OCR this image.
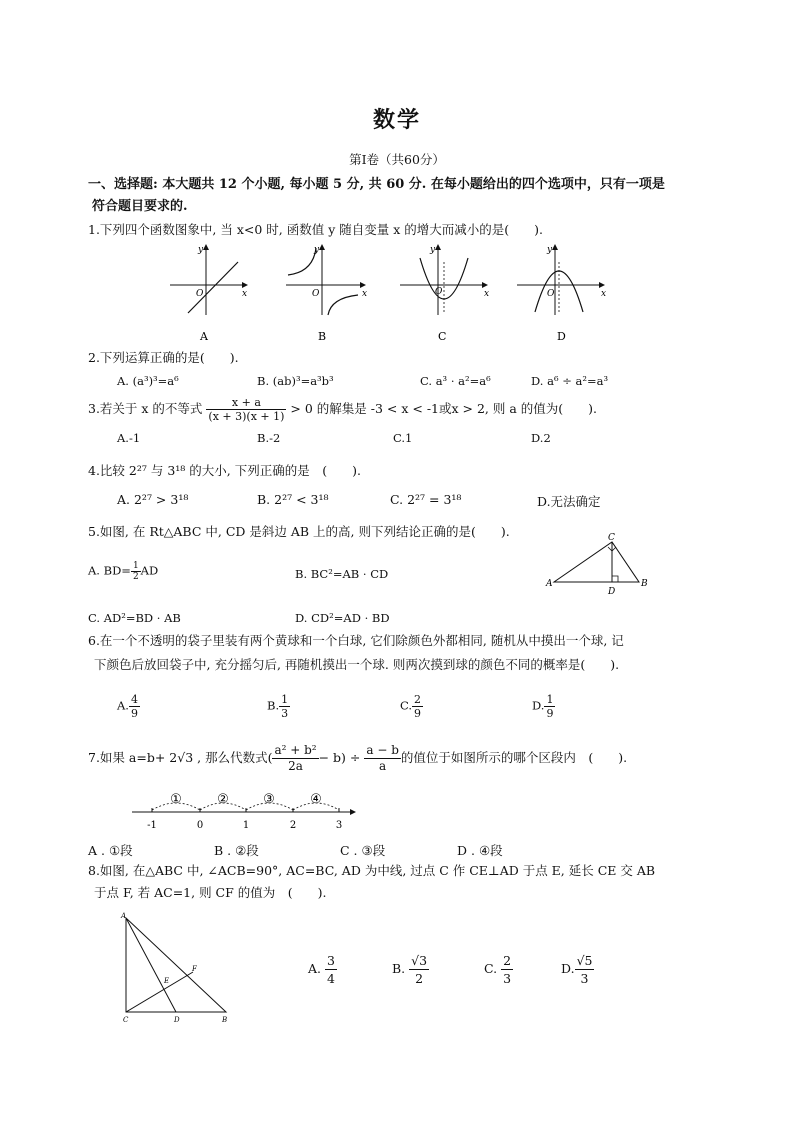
数学
第Ⅰ卷（共60分）
一、选择题: 本大题共 12 个小题, 每小题 5 分, 共 60 分. 在每小题给出的四个选项中，只有一项是
符合题目要求的.
1.下列四个函数图象中, 当 x<0 时, 函数值 y 随自变量 x 的增大而减小的是(　　).
x
y
O
A
x
y
O
B
x
y
O
C
x
y
O
D
2.下列运算正确的是(　　).
A. (a³)³=a⁶	B. (ab)³=a³b³	C. a³ · a²=a⁶	D. a⁶ ÷ a²=a³
3.若关于 x 的不等式 $\frac{x + a}{(x + 3)(x + 1)} > 0$ 的解集是 -3 < x < -1或x > 2, 则 a 的值为(　　).
A.-1	B.-2	C.1	D.2
4.比较 2²⁷ 与 3¹⁸ 的大小, 下列正确的是　(　　).
A. 2²⁷ > 3¹⁸	B. 2²⁷ < 3¹⁸	C. 2²⁷ = 3¹⁸	D.无法确定
5.如图, 在 Rt△ABC 中, CD 是斜边 AB 上的高, 则下列结论正确的是(　　).
A. $BD= \frac{1}{2}$ AD	B. BC²=AB · CD
C. AD²=BD · AB	D. CD²=AD · BD
A	B
C
D
6.在一个不透明的袋子里装有两个黄球和一个白球, 它们除颜色外都相同, 随机从中摸出一个球, 记
下颜色后放回袋子中, 充分摇匀后, 再随机摸出一个球. 则两次摸到球的颜色不同的概率是(　　).
A. $\frac{4}{9}$	B. $\frac{1}{3}$	C. $\frac{2}{9}$	D. $\frac{1}{9}$
7.如果 a=b+ 2√3 , 那么代数式( $\frac{\text{a² + b²}}{2a} - b) \div \frac{a - b}{a}$ 的值位于如图所示的哪个区段内　(　　).
①	②	③	④
-1	0	1	2	3
A . ①段	B . ②段	C . ③段	D . ④段
8.如图, 在△ABC 中, ∠ACB=90°, AC=BC, AD 为中线, 过点 C 作 CE⊥AD 于点 E, 延长 CE 交 AB
于点 F, 若 AC=1, 则 CF 的值为　(　　).
A
C	D	B
E
F	A. $\frac{3}{4}$	B. $\frac{√3}{2}$	C. $\frac{2}{3}$	D. $\frac{√5}{3}$
